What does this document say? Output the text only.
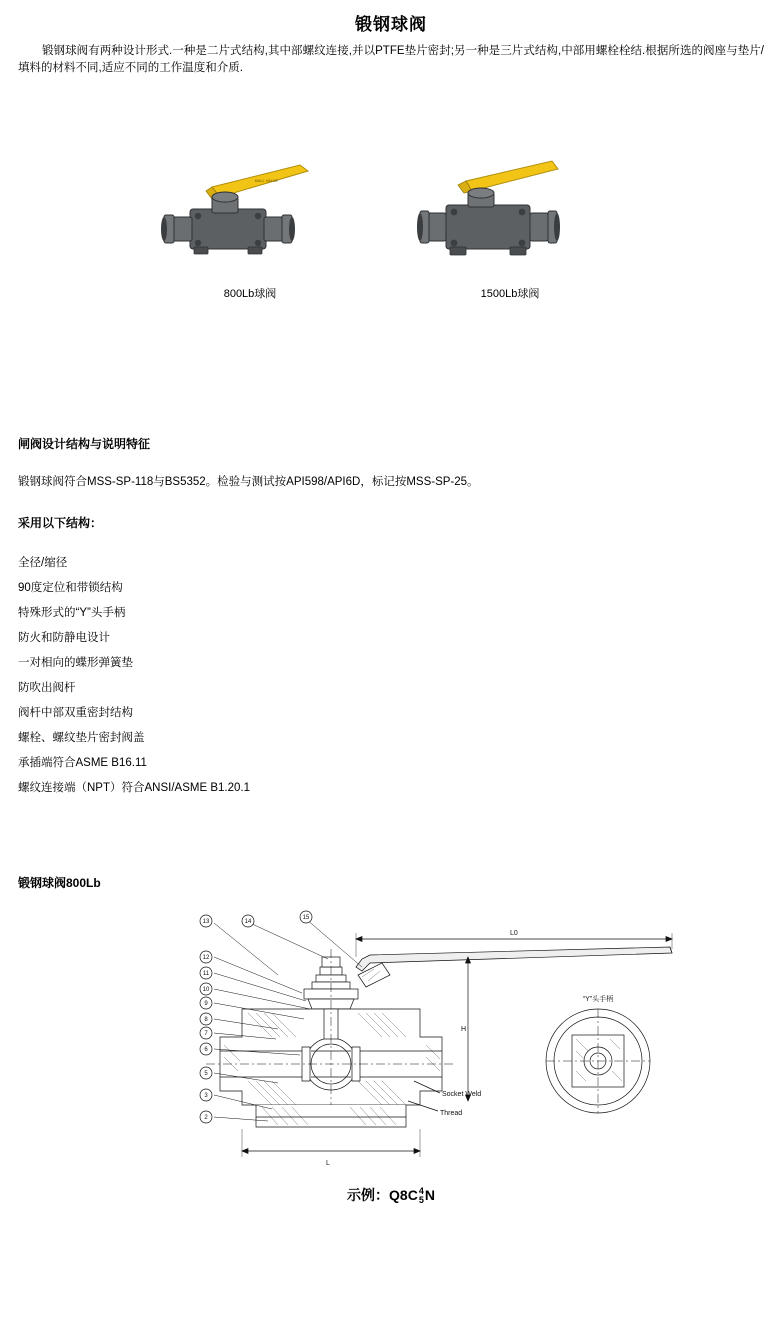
锻钢球阀

锻钢球阀有两种设计形式.一种是二片式结构,其中部螺纹连接,并以PTFE垫片密封;另一种是三片式结构,中部用螺栓栓结.根据所选的阀座与垫片/填料的材料不同,适应不同的工作温度和介质.

BALL VALVE
800Lb球阀	1500Lb球阀
闸阀设计结构与说明特征

锻钢球阀符合MSS-SP-118与BS5352。检验与测试按API598/API6D，标记按MSS-SP-25。

采用以下结构：
全径/缩径
90度定位和带锁结构
特殊形式的“Y”头手柄
防火和防静电设计
一对相向的蝶形弹簧垫
防吹出阀杆
阀杆中部双重密封结构
螺栓、螺纹垫片密封阀盖
承插端符合ASME B16.11
螺纹连接端（NPT）符合ANSI/ASME B1.20.1
锻钢球阀800Lb
13	14
15
12
11
10
9
8
7
6
5
3
2
L0
H
L
Socket Weld
Thread
“Y”头手柄
示例：Q8C4
5N
